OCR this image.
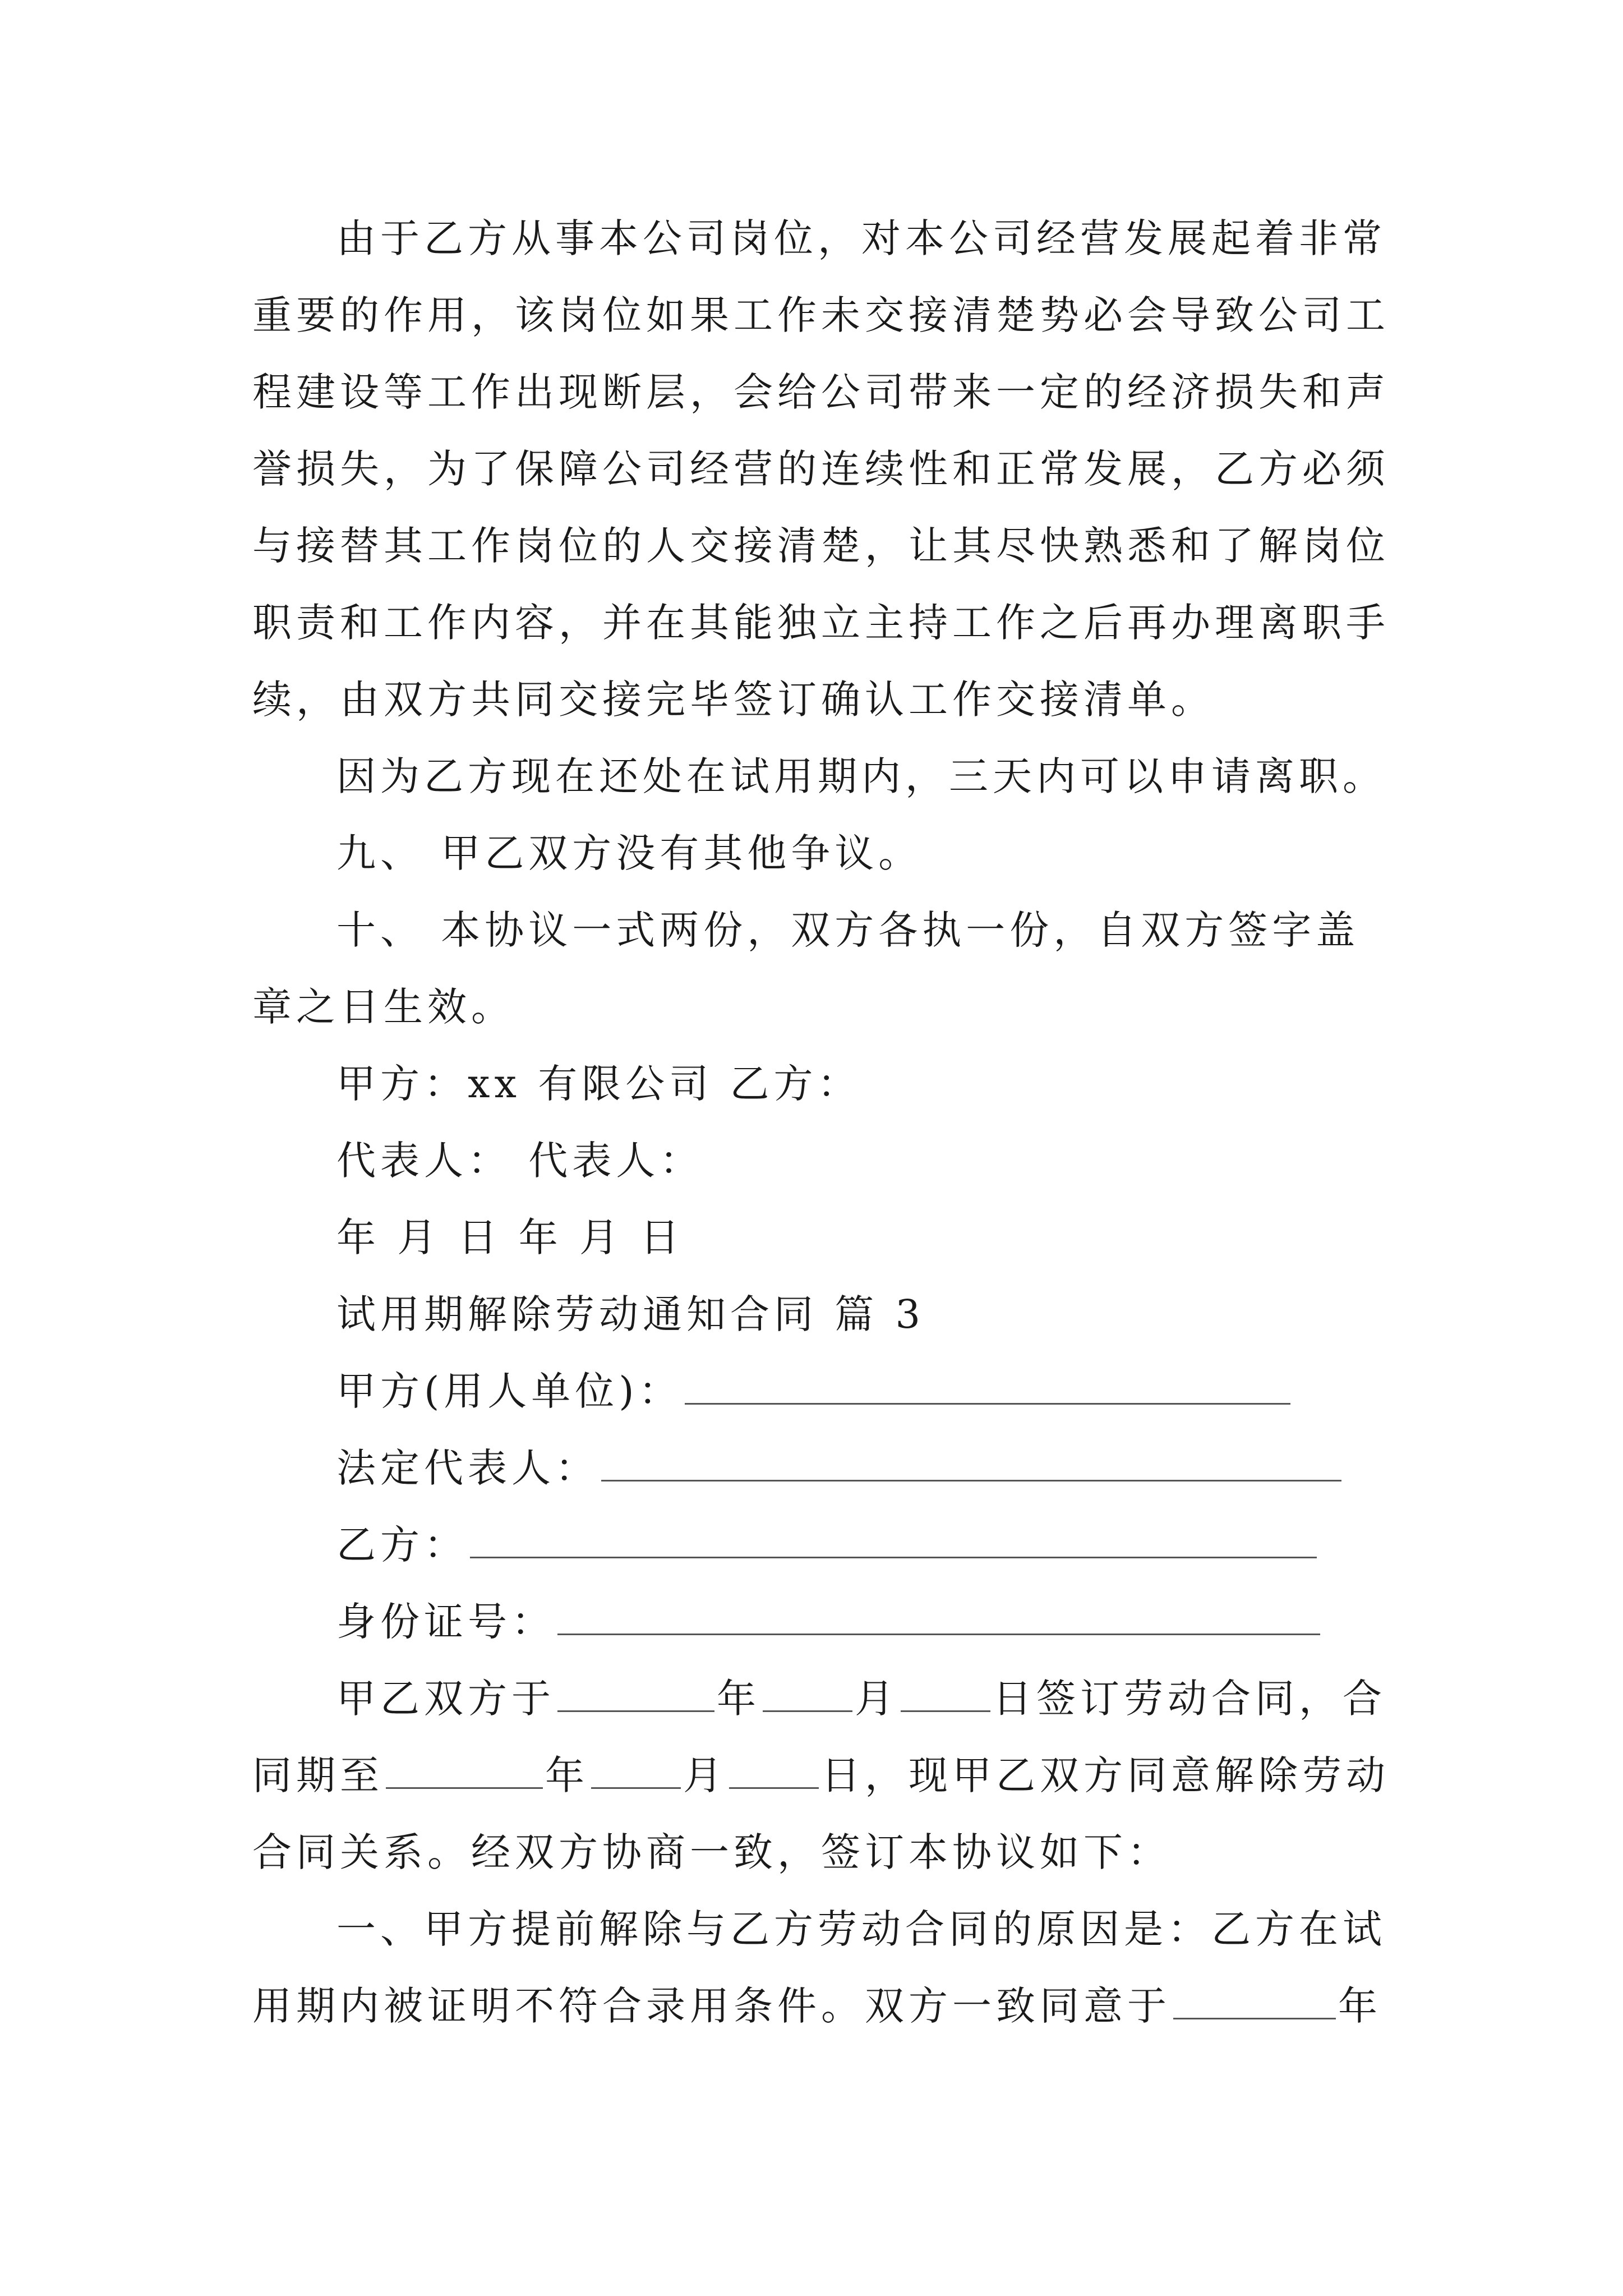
由于乙方从事本公司岗位，对本公司经营发展起着非常
重要的作用，该岗位如果工作未交接清楚势必会导致公司工
程建设等工作出现断层，会给公司带来一定的经济损失和声
誉损失，为了保障公司经营的连续性和正常发展，乙方必须
与接替其工作岗位的人交接清楚，让其尽快熟悉和了解岗位
职责和工作内容，并在其能独立主持工作之后再办理离职手
续，由双方共同交接完毕签订确认工作交接清单。
因为乙方现在还处在试用期内，三天内可以申请离职。
九、 甲乙双方没有其他争议。
十、 本协议一式两份，双方各执一份，自双方签字盖
章之日生效。
甲方：xx 有限公司 乙方：
代表人： 代表人：
年 月 日 年 月 日
试用期解除劳动通知合同 篇 3
甲方(用人单位)：
法定代表人：
乙方：
身份证号：
甲乙双方于	年 月 日签订劳动合同，合
同期至	年 月 日，现甲乙双方同意解除劳动
合同关系。经双方协商一致，签订本协议如下：
一、甲方提前解除与乙方劳动合同的原因是：乙方在试
用期内被证明不符合录用条件。双方一致同意于	年
